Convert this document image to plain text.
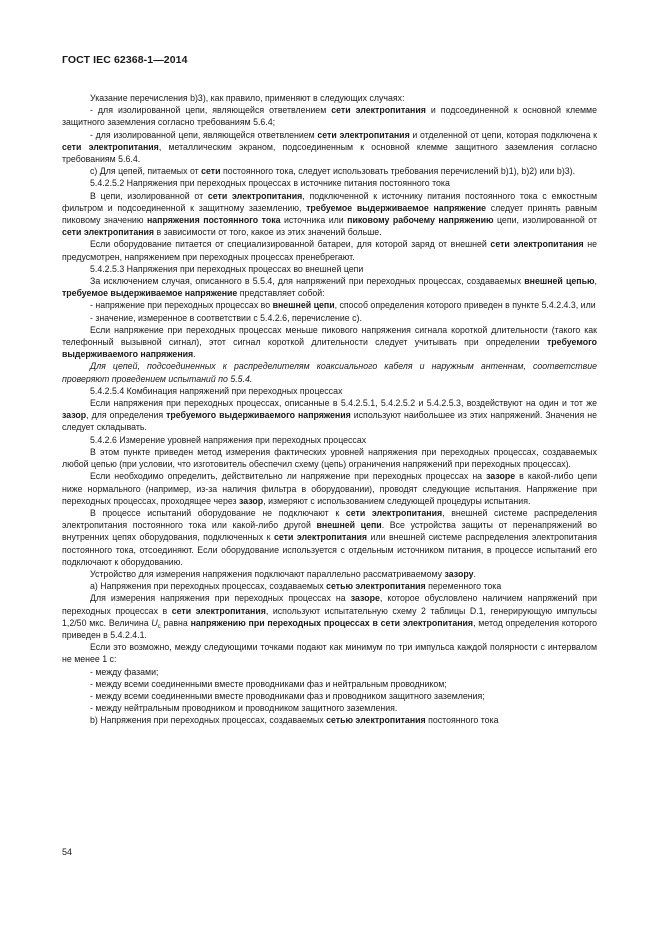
ГОСТ IEC 62368-1—2014

Указание перечисления b)3), как правило, применяют в следующих случаях:

- для изолированной цепи, являющейся ответвлением сети электропитания и подсоединенной к основной клемме защитного заземления согласно требованиям 5.6.4;

- для изолированной цепи, являющейся ответвлением сети электропитания и отделенной от цепи, которая подключена к сети электропитания, металлическим экраном, подсоединенным к основной клемме защитного заземления согласно требованиям 5.6.4.

c) Для цепей, питаемых от сети постоянного тока, следует использовать требования перечислений b)1), b)2) или b)3).

5.4.2.5.2 Напряжения при переходных процессах в источнике питания постоянного тока

В цепи, изолированной от сети электропитания, подключенной к источнику питания постоянного тока с емкостным фильтром и подсоединенной к защитному заземлению, требуемое выдерживаемое напряжение следует принять равным пиковому значению напряжения постоянного тока источника или пиковому рабочему напряжению цепи, изолированной от сети электропитания в зависимости от того, какое из этих значений больше.

Если оборудование питается от специализированной батареи, для которой заряд от внешней сети электропитания не предусмотрен, напряжением при переходных процессах пренебрегают.

5.4.2.5.3 Напряжения при переходных процессах во внешней цепи

За исключением случая, описанного в 5.5.4, для напряжений при переходных процессах, создаваемых внешней цепью, требуемое выдерживаемое напряжение представляет собой:

- напряжение при переходных процессах во внешней цепи, способ определения которого приведен в пункте 5.4.2.4.3, или

- значение, измеренное в соответствии с 5.4.2.6, перечисление c).

Если напряжение при переходных процессах меньше пикового напряжения сигнала короткой длительности (такого как телефонный вызывной сигнал), этот сигнал короткой длительности следует учитывать при определении требуемого выдерживаемого напряжения.

Для цепей, подсоединенных к распределителям коаксиального кабеля и наружным антеннам, соответствие проверяют проведением испытаний по 5.5.4.

5.4.2.5.4 Комбинация напряжений при переходных процессах

Если напряжения при переходных процессах, описанные в 5.4.2.5.1, 5.4.2.5.2 и 5.4.2.5.3, воздействуют на один и тот же зазор, для определения требуемого выдерживаемого напряжения используют наибольшее из этих напряжений. Значения не следует складывать.

5.4.2.6 Измерение уровней напряжения при переходных процессах

В этом пункте приведен метод измерения фактических уровней напряжения при переходных процессах, создаваемых любой цепью (при условии, что изготовитель обеспечил схему (цепь) ограничения напряжений при переходных процессах).

Если необходимо определить, действительно ли напряжение при переходных процессах на зазоре в какой-либо цепи ниже нормального (например, из-за наличия фильтра в оборудовании), проводят следующие испытания. Напряжение при переходных процессах, проходящее через зазор, измеряют с использованием следующей процедуры испытания.

В процессе испытаний оборудование не подключают к сети электропитания, внешней системе распределения электропитания постоянного тока или какой-либо другой внешней цепи. Все устройства защиты от перенапряжений во внутренних цепях оборудования, подключенных к сети электропитания или внешней системе распределения электропитания постоянного тока, отсоединяют. Если оборудование используется с отдельным источником питания, в процессе испытаний его подключают к оборудованию.

Устройство для измерения напряжения подключают параллельно рассматриваемому зазору.

a) Напряжения при переходных процессах, создаваемых сетью электропитания переменного тока

Для измерения напряжения при переходных процессах на зазоре, которое обусловлено наличием напряжений при переходных процессах в сети электропитания, используют испытательную схему 2 таблицы D.1, генерирующую импульсы 1,2/50 мкс. Величина $U_c$ равна напряжению при переходных процессах в сети электропитания, метод определения которого приведен в 5.4.2.4.1.

Если это возможно, между следующими точками подают как минимум по три импульса каждой полярности с интервалом не менее 1 с:

- между фазами;

- между всеми соединенными вместе проводниками фаз и нейтральным проводником;

- между всеми соединенными вместе проводниками фаз и проводником защитного заземления;

- между нейтральным проводником и проводником защитного заземления.

b) Напряжения при переходных процессах, создаваемых сетью электропитания постоянного тока

54
